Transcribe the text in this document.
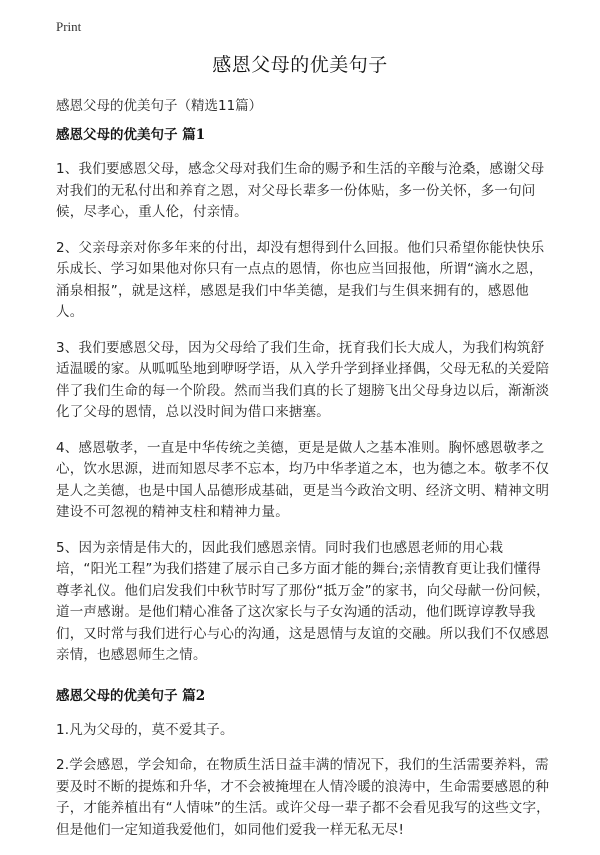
Print
感恩父母的优美句子
感恩父母的优美句子（精选11篇）
感恩父母的优美句子 篇1

1、我们要感恩父母，感念父母对我们生命的赐予和生活的辛酸与沧桑，感谢父母对我们的无私付出和养育之恩，对父母长辈多一份体贴，多一份关怀，多一句问候，尽孝心，重人伦，付亲情。

2、父亲母亲对你多年来的付出，却没有想得到什么回报。他们只希望你能快快乐乐成长、学习如果他对你只有一点点的恩情，你也应当回报他，所谓“滴水之恩，涌泉相报”，就是这样，感恩是我们中华美德，是我们与生俱来拥有的，感恩他人。

3、我们要感恩父母，因为父母给了我们生命，抚育我们长大成人，为我们构筑舒适温暖的家。从呱呱坠地到咿呀学语，从入学升学到择业择偶，父母无私的关爱陪伴了我们生命的每一个阶段。然而当我们真的长了翅膀飞出父母身边以后，渐渐淡化了父母的恩情，总以没时间为借口来搪塞。

4、感恩敬孝，一直是中华传统之美德，更是是做人之基本准则。胸怀感恩敬孝之心，饮水思源，进而知恩尽孝不忘本，均乃中华孝道之本，也为德之本。敬孝不仅是人之美德，也是中国人品德形成基础，更是当今政治文明、经济文明、精神文明建设不可忽视的精神支柱和精神力量。

5、因为亲情是伟大的，因此我们感恩亲情。同时我们也感恩老师的用心栽培，“阳光工程”为我们搭建了展示自己多方面才能的舞台;亲情教育更让我们懂得尊孝礼仪。他们启发我们中秋节时写了那份“抵万金”的家书，向父母献一份问候，道一声感谢。是他们精心准备了这次家长与子女沟通的活动，他们既谆谆教导我们，又时常与我们进行心与心的沟通，这是恩情与友谊的交融。所以我们不仅感恩亲情，也感恩师生之情。

感恩父母的优美句子 篇2

1.凡为父母的，莫不爱其子。

2.学会感恩，学会知命，在物质生活日益丰满的情况下，我们的生活需要养料，需要及时不断的提炼和升华，才不会被掩埋在人情冷暖的浪涛中，生命需要感恩的种子，才能养植出有“人情味”的生活。或许父母一辈子都不会看见我写的这些文字，但是他们一定知道我爱他们，如同他们爱我一样无私无尽!
